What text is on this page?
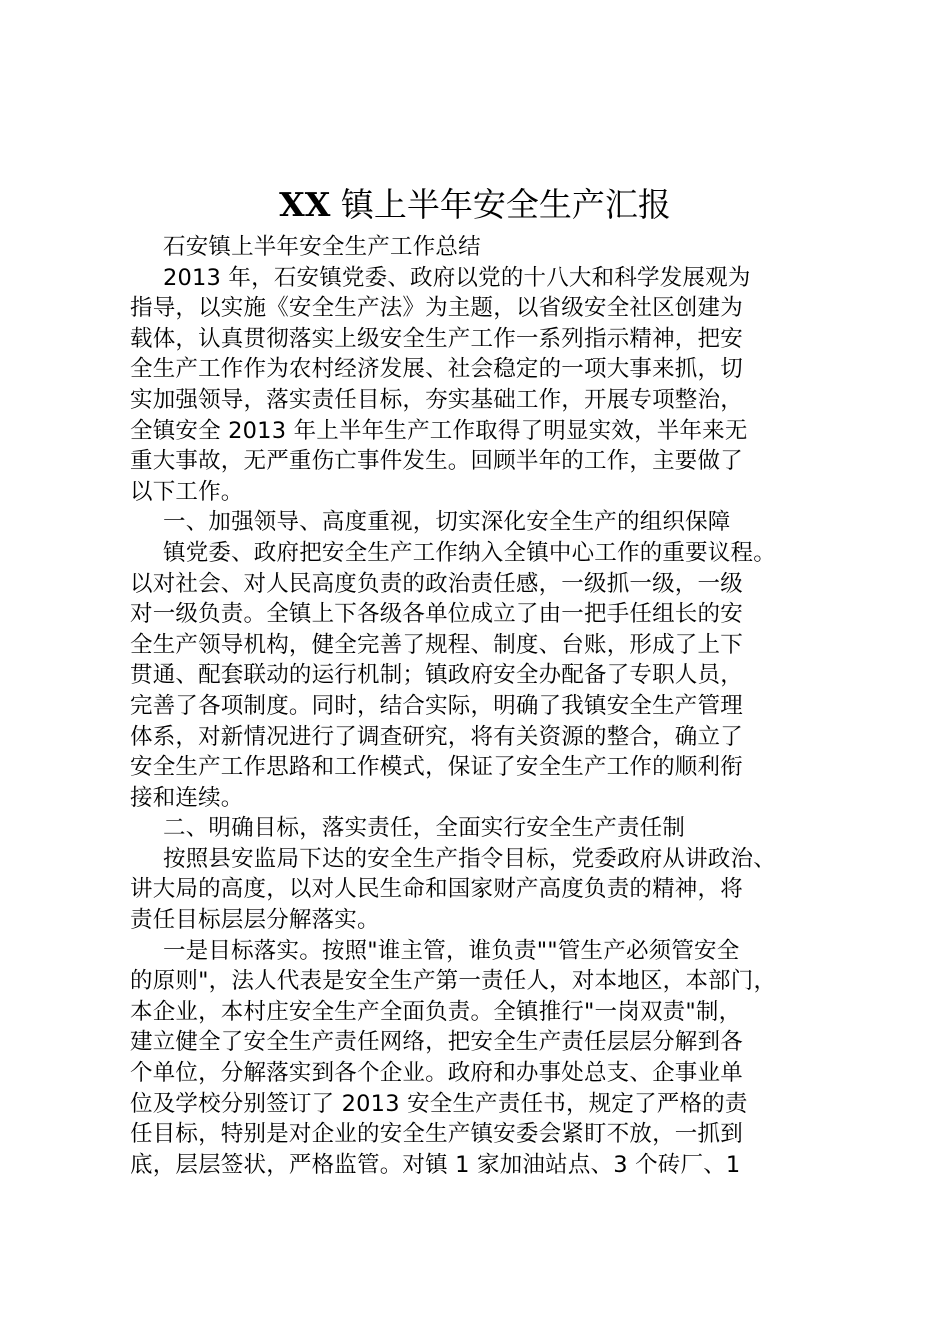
XX 镇上半年安全生产汇报
石安镇上半年安全生产工作总结
2013 年，石安镇党委、政府以党的十八大和科学发展观为
指导，以实施《安全生产法》为主题，以省级安全社区创建为
载体，认真贯彻落实上级安全生产工作一系列指示精神，把安
全生产工作作为农村经济发展、社会稳定的一项大事来抓，切
实加强领导，落实责任目标，夯实基础工作，开展专项整治，
全镇安全 2013 年上半年生产工作取得了明显实效，半年来无
重大事故，无严重伤亡事件发生。回顾半年的工作，主要做了
以下工作。
一、加强领导、高度重视，切实深化安全生产的组织保障
镇党委、政府把安全生产工作纳入全镇中心工作的重要议程。
以对社会、对人民高度负责的政治责任感，一级抓一级，一级
对一级负责。全镇上下各级各单位成立了由一把手任组长的安
全生产领导机构，健全完善了规程、制度、台账，形成了上下
贯通、配套联动的运行机制；镇政府安全办配备了专职人员，
完善了各项制度。同时，结合实际，明确了我镇安全生产管理
体系，对新情况进行了调查研究，将有关资源的整合，确立了
安全生产工作思路和工作模式，保证了安全生产工作的顺利衔
接和连续。
二、明确目标，落实责任，全面实行安全生产责任制
按照县安监局下达的安全生产指令目标，党委政府从讲政治、
讲大局的高度，以对人民生命和国家财产高度负责的精神，将
责任目标层层分解落实。
一是目标落实。按照"谁主管，谁负责""管生产必须管安全
的原则"，法人代表是安全生产第一责任人，对本地区，本部门，
本企业，本村庄安全生产全面负责。全镇推行"一岗双责"制，
建立健全了安全生产责任网络，把安全生产责任层层分解到各
个单位，分解落实到各个企业。政府和办事处总支、企事业单
位及学校分别签订了 2013 安全生产责任书，规定了严格的责
任目标，特别是对企业的安全生产镇安委会紧盯不放，一抓到
底，层层签状，严格监管。对镇 1 家加油站点、3 个砖厂、1
